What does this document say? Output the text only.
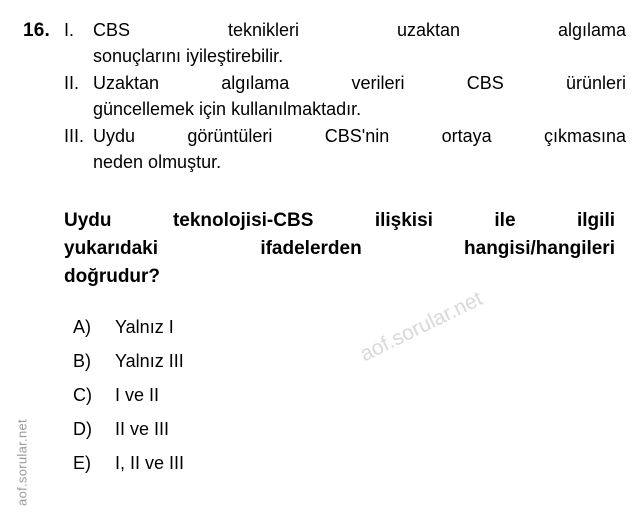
aof.sorular.net
16. I.	CBS    teknikleri    uzaktan    algılama
sonuçlarını iyileştirebilir.
II. Uzaktan   algılama   verileri   CBS   ürünleri
güncellemek için kullanılmaktadır.
III. Uydu  görüntüleri  CBS'nin  ortaya  çıkmasına
neden olmuştur.
Uydu   teknolojisi-CBS   ilişkisi   ile   ilgili
yukarıdaki    ifadelerden    hangisi/hangileri
doğrudur?
A)	Yalnız I
B)	Yalnız III
C)	I ve II
D)	II ve III
E)	I, II ve III
aof.sorular.net
